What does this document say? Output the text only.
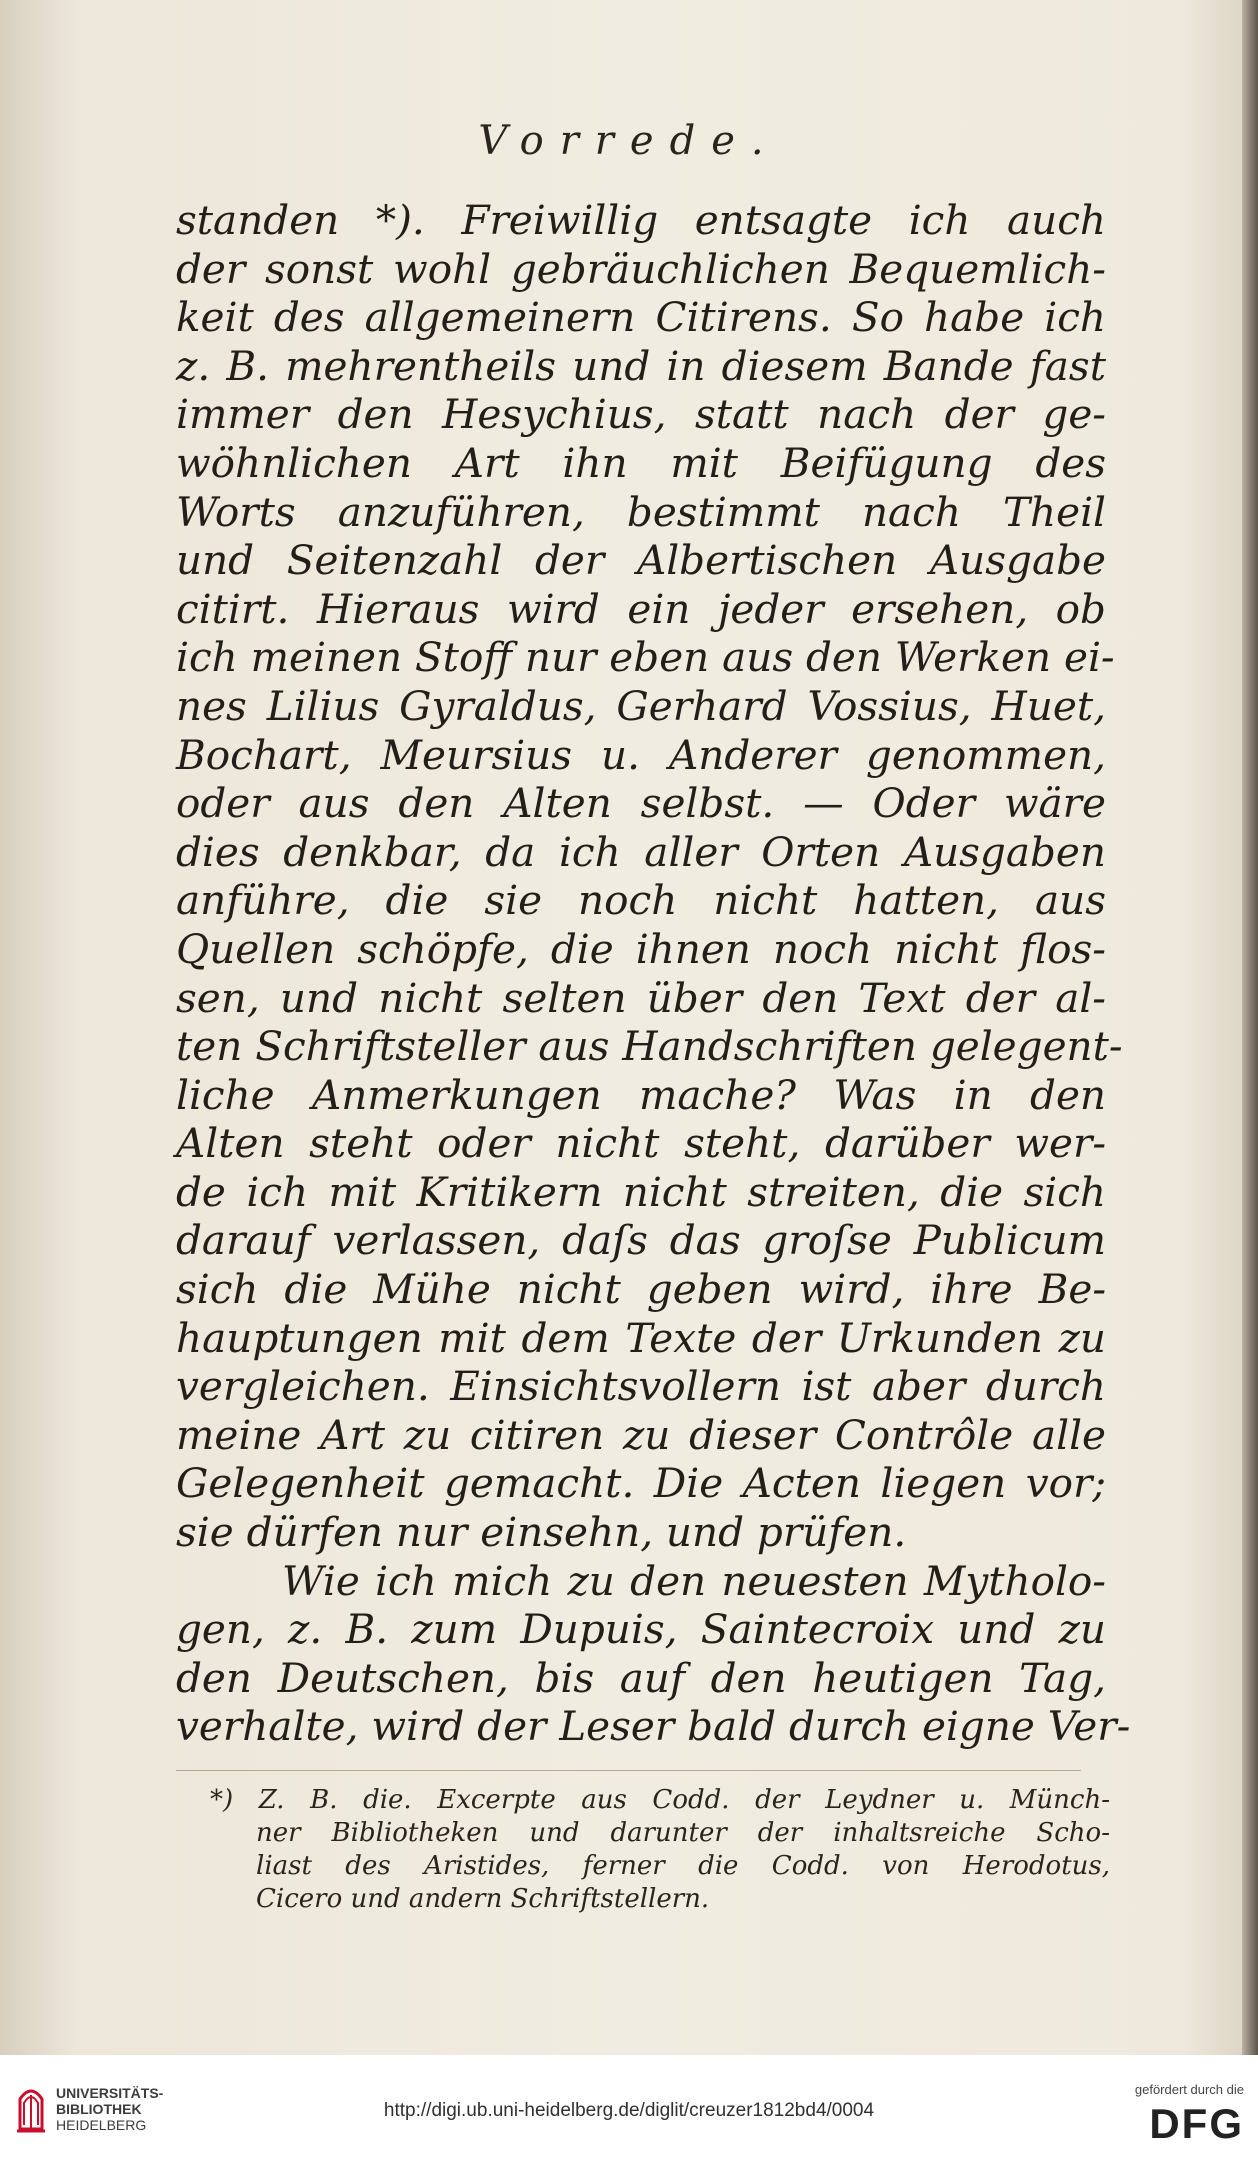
Vorrede.
standen *). Freiwillig entsagte ich auch
der sonst wohl gebräuchlichen Bequemlich-
keit des allgemeinern Citirens. So habe ich
z. B. mehrentheils und in diesem Bande fast
immer den Hesychius, statt nach der ge-
wöhnlichen Art ihn mit Beifügung des
Worts anzuführen, bestimmt nach Theil
und Seitenzahl der Albertischen Ausgabe
citirt. Hieraus wird ein jeder ersehen, ob
ich meinen Stoff nur eben aus den Werken ei-
nes Lilius Gyraldus, Gerhard Vossius, Huet,
Bochart, Meursius u. Anderer genommen,
oder aus den Alten selbst. — Oder wäre
dies denkbar, da ich aller Orten Ausgaben
anführe, die sie noch nicht hatten, aus
Quellen schöpfe, die ihnen noch nicht flos-
sen, und nicht selten über den Text der al-
ten Schriftsteller aus Handschriften gelegent-
liche Anmerkungen mache? Was in den
Alten steht oder nicht steht, darüber wer-
de ich mit Kritikern nicht streiten, die sich
darauf verlassen, daſs das groſse Publicum
sich die Mühe nicht geben wird, ihre Be-
hauptungen mit dem Texte der Urkunden zu
vergleichen. Einsichtsvollern ist aber durch
meine Art zu citiren zu dieser Contrôle alle
Gelegenheit gemacht. Die Acten liegen vor;
sie dürfen nur einsehn, und prüfen.
Wie ich mich zu den neuesten Mytholo-
gen, z. B. zum Dupuis, Saintecroix und zu
den Deutschen, bis auf den heutigen Tag,
verhalte, wird der Leser bald durch eigne Ver-
*) Z. B. die. Excerpte aus Codd. der Leydner u. Münch-
ner Bibliotheken und darunter der inhaltsreiche Scho-
liast des Aristides, ferner die Codd. von Herodotus,
Cicero und andern Schriftstellern.
UNIVERSITÄTS-
BIBLIOTHEK
HEIDELBERG
http://digi.ub.uni-heidelberg.de/diglit/creuzer1812bd4/0004
gefördert durch die
DFG
